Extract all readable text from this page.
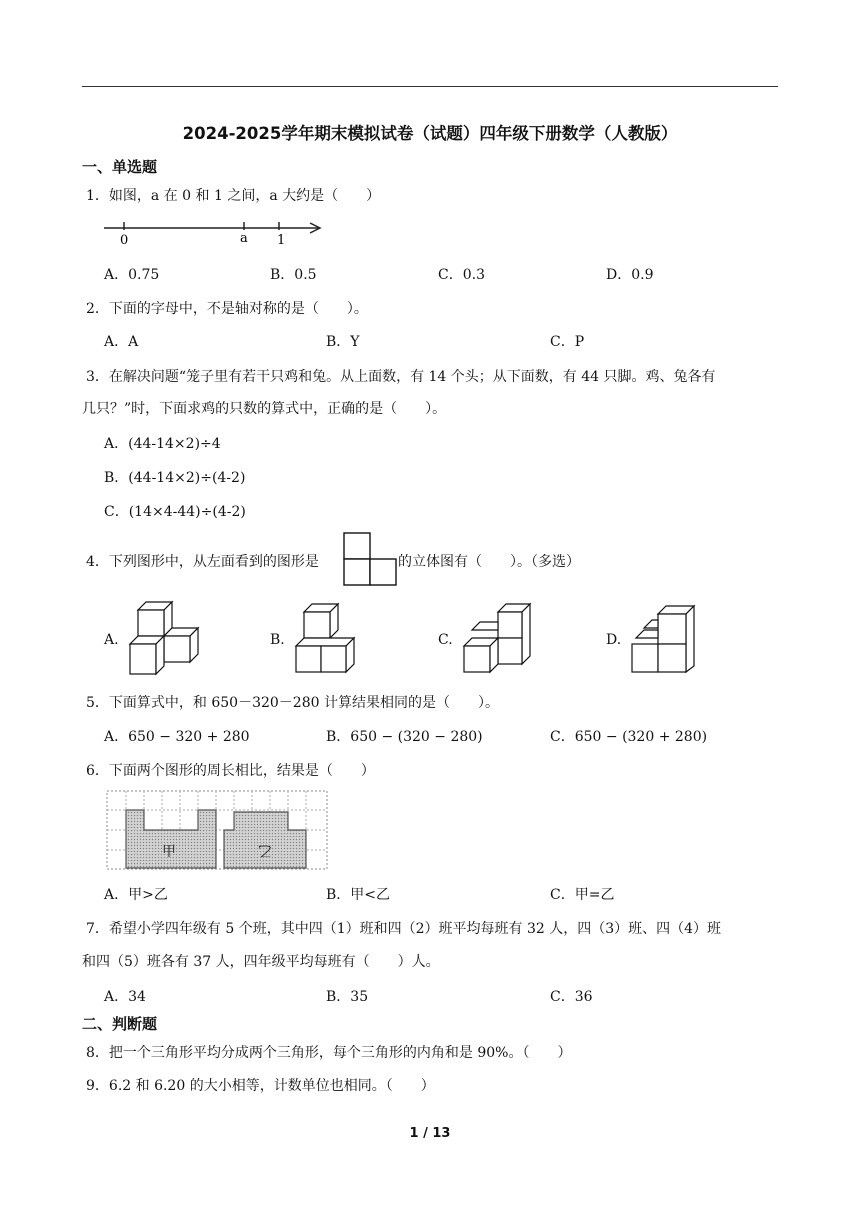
2024-2025学年期末模拟试卷（试题）四年级下册数学（人教版）
一、单选题
1．如图，a 在 0 和 1 之间，a 大约是（　　）
0	a 1
A．0.75	B．0.5	C．0.3	D．0.9
2．下面的字母中，不是轴对称的是（　　）。
A．A	B．Y	C．P
3．在解决问题“笼子里有若干只鸡和兔。从上面数，有 14 个头；从下面数，有 44 只脚。鸡、兔各有
几只？”时，下面求鸡的只数的算式中，正确的是（　　）。
A．(44-14×2)÷4
B．(44-14×2)÷(4-2)
C．(14×4-44)÷(4-2)
4．下列图形中，从左面看到的图形是	的立体图有（　　）。（多选）
A.	B.	C.	D.
5．下面算式中，和 650－320－280 计算结果相同的是（　　）。
A．650 − 320 + 280	B．650 − (320 − 280)	C．650 − (320 + 280)
6．下面两个图形的周长相比，结果是（　　）
甲	乙
A．甲>乙	B．甲<乙	C．甲=乙
7．希望小学四年级有 5 个班，其中四（1）班和四（2）班平均每班有 32 人，四（3）班、四（4）班
和四（5）班各有 37 人，四年级平均每班有（　　）人。
A．34	B．35	C．36
二、判断题
8．把一个三角形平均分成两个三角形，每个三角形的内角和是 90%。（　　）
9．6.2 和 6.20 的大小相等，计数单位也相同。（　　）
1 / 13
